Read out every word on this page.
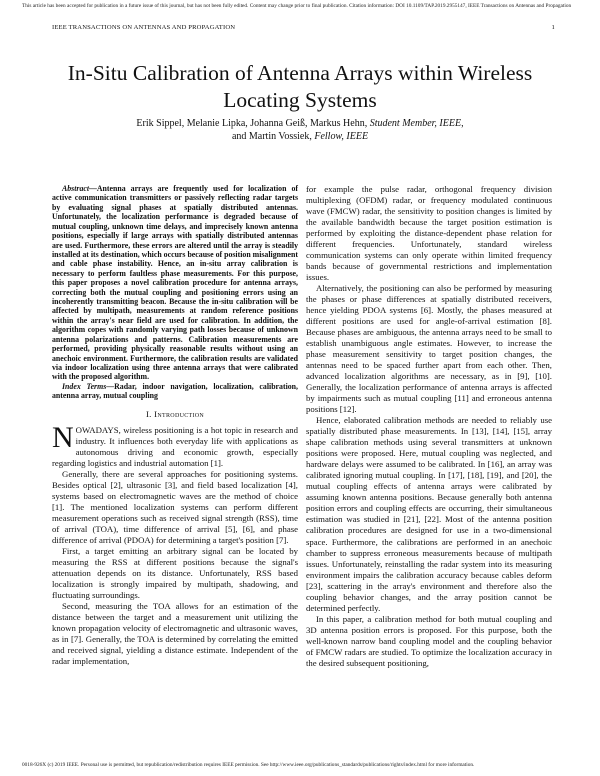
This article has been accepted for publication in a future issue of this journal, but has not been fully edited. Content may change prior to final publication. Citation information: DOI 10.1109/TAP.2019.2955147, IEEE Transactions on Antennas and Propagation
IEEE TRANSACTIONS ON ANTENNAS AND PROPAGATION	1
In-Situ Calibration of Antenna Arrays within Wireless Locating Systems
Erik Sippel, Melanie Lipka, Johanna Geiß, Markus Hehn, Student Member, IEEE,
and Martin Vossiek, Fellow, IEEE

Abstract—Antenna arrays are frequently used for localization of active communication transmitters or passively reflecting radar targets by evaluating signal phases at spatially distributed antennas. Unfortunately, the localization performance is degraded because of mutual coupling, unknown time delays, and imprecisely known antenna positions, especially if large arrays with spatially distributed antennas are used. Furthermore, these errors are altered until the array is steadily installed at its destination, which occurs because of position misalignment and cable phase instability. Hence, an in-situ array calibration is necessary to perform faultless phase measurements. For this purpose, this paper proposes a novel calibration procedure for antenna arrays, correcting both the mutual coupling and positioning errors using an incoherently transmitting beacon. Because the in-situ calibration will be affected by multipath, measurements at random reference positions within the array's near field are used for calibration. In addition, the algorithm copes with randomly varying path losses because of unknown antenna polarizations and patterns. Calibration measurements are performed, providing physically reasonable results without using an anechoic environment. Furthermore, the calibration results are validated via indoor localization using three antenna arrays that were calibrated with the proposed algorithm.

Index Terms—Radar, indoor navigation, localization, calibration, antenna array, mutual coupling

I. Introduction

NOWADAYS, wireless positioning is a hot topic in research and industry. It influences both everyday life with applications as autonomous driving and economic growth, especially regarding logistics and industrial automation [1].

Generally, there are several approaches for positioning systems. Besides optical [2], ultrasonic [3], and field based localization [4], systems based on electromagnetic waves are the method of choice [1]. The mentioned localization systems can perform different measurement operations such as received signal strength (RSS), time of arrival (TOA), time difference of arrival [5], [6], and phase difference of arrival (PDOA) for determining a target's position [7].

First, a target emitting an arbitrary signal can be located by measuring the RSS at different positions because the signal's attenuation depends on its distance. Unfortunately, RSS based localization is strongly impaired by multipath, shadowing, and fluctuating surroundings.

Second, measuring the TOA allows for an estimation of the distance between the target and a measurement unit utilizing the known propagation velocity of electromagnetic and ultrasonic waves, as in [7]. Generally, the TOA is determined by correlating the emitted and received signal, yielding a distance estimate. Independent of the radar implementation,

for example the pulse radar, orthogonal frequency division multiplexing (OFDM) radar, or frequency modulated continuous wave (FMCW) radar, the sensitivity to position changes is limited by the available bandwidth because the target position estimation is performed by exploiting the distance-dependent phase relation for different frequencies. Unfortunately, standard wireless communication systems can only operate within limited frequency bands because of governmental restrictions and implementation issues.

Alternatively, the positioning can also be performed by measuring the phases or phase differences at spatially distributed receivers, hence yielding PDOA systems [6]. Mostly, the phases measured at different positions are used for angle-of-arrival estimation [8]. Because phases are ambiguous, the antenna arrays need to be small to establish unambiguous angle estimates. However, to increase the phase measurement sensitivity to target position changes, the antennas need to be spaced further apart from each other. Then, advanced localization algorithms are necessary, as in [9], [10]. Generally, the localization performance of antenna arrays is affected by impairments such as mutual coupling [11] and erroneous antenna positions [12].

Hence, elaborated calibration methods are needed to reliably use spatially distributed phase measurements. In [13], [14], [15], array shape calibration methods using several transmitters at unknown positions were proposed. Here, mutual coupling was neglected, and hardware delays were assumed to be calibrated. In [16], an array was calibrated ignoring mutual coupling. In [17], [18], [19], and [20], the mutual coupling effects of antenna arrays were calibrated by assuming known antenna positions. Because generally both antenna position errors and coupling effects are occurring, their simultaneous estimation was studied in [21], [22]. Most of the antenna position calibration procedures are designed for use in a two-dimensional space. Furthermore, the calibrations are performed in an anechoic chamber to suppress erroneous measurements because of multipath issues. Unfortunately, reinstalling the radar system into its measuring environment impairs the calibration accuracy because cables deform [23], scattering in the array's environment and therefore also the coupling behavior changes, and the array position cannot be determined perfectly.

In this paper, a calibration method for both mutual coupling and 3D antenna position errors is proposed. For this purpose, both the well-known narrow band coupling model and the coupling behavior of FMCW radars are studied. To optimize the localization accuracy in the desired subsequent positioning,

0018-926X (c) 2019 IEEE. Personal use is permitted, but republication/redistribution requires IEEE permission. See http://www.ieee.org/publications_standards/publications/rights/index.html for more information.
